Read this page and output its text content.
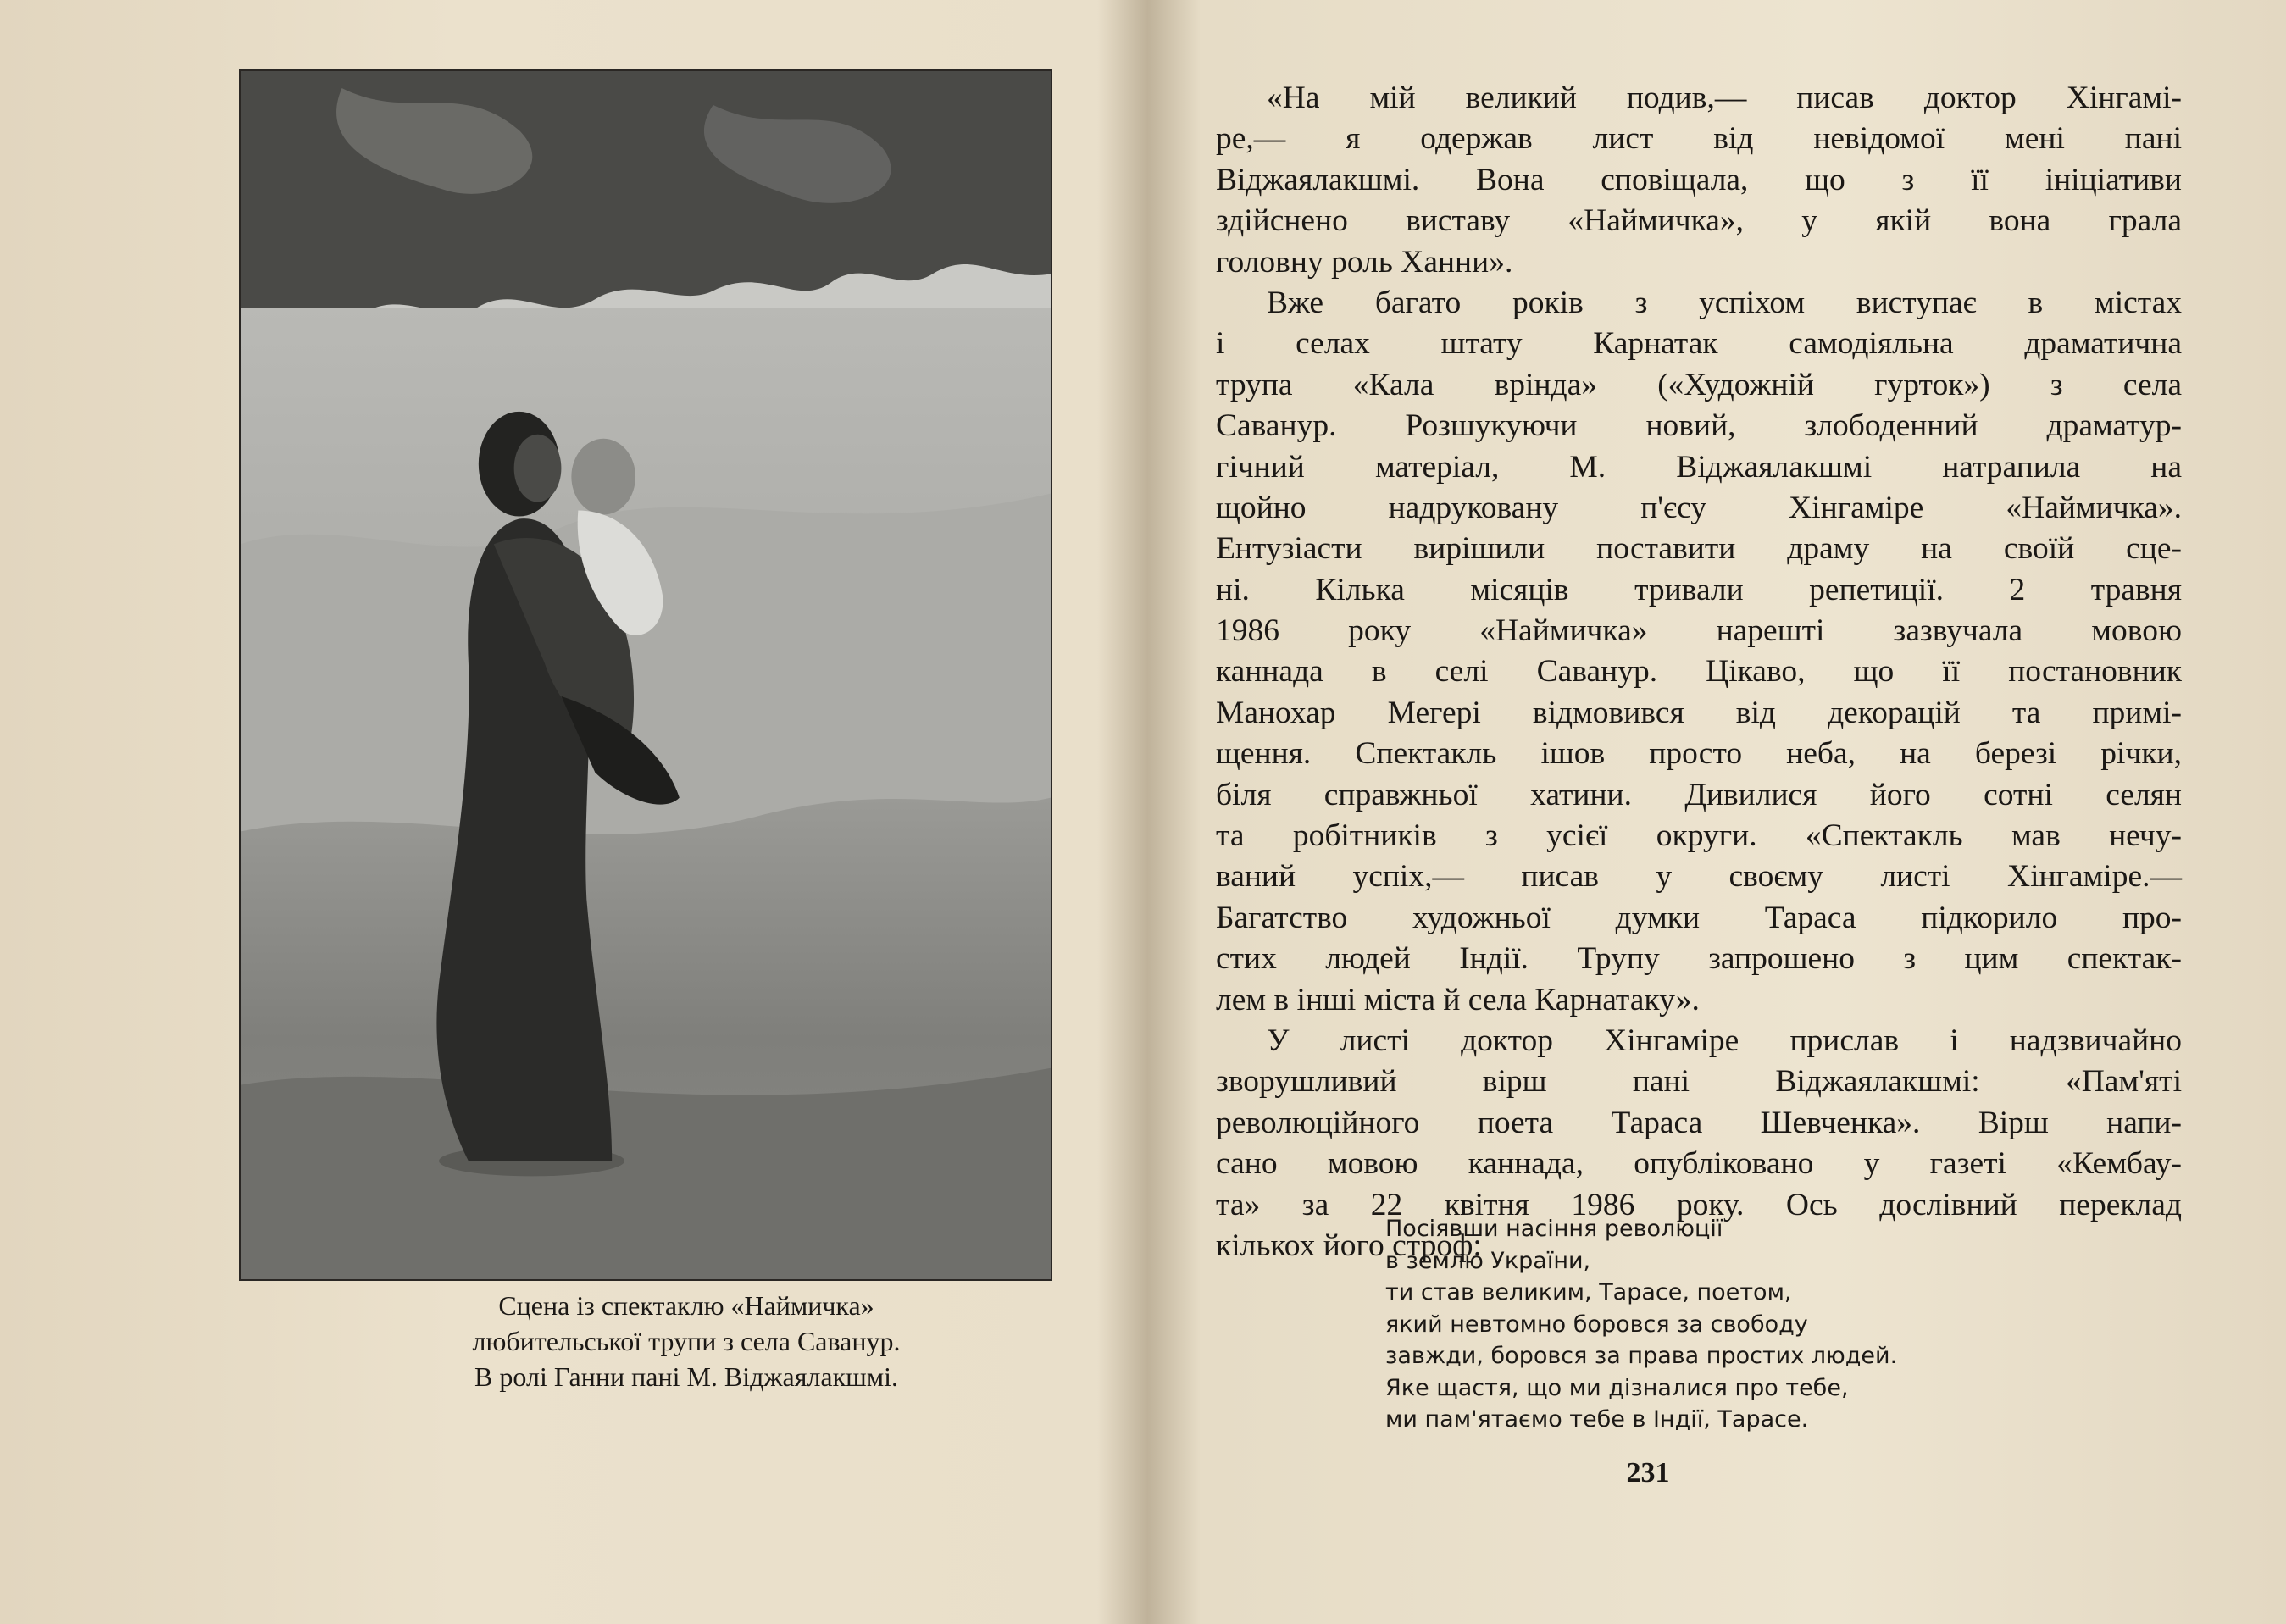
Сцена із спектаклю «Наймичка»
любительської трупи з села Саванур.
В ролі Ганни пані М. Віджаялакшмі.
«На мій великий подив,— писав доктор Хінгамі-
ре,— я одержав лист від невідомої мені пані
Віджаялакшмі. Вона сповіщала, що з її ініціативи
здійснено виставу «Наймичка», у якій вона грала
головну роль Ханни».
Вже багато років з успіхом виступає в містах
і селах штату Карнатак самодіяльна драматична
трупа «Кала врінда» («Художній гурток») з села
Саванур. Розшукуючи новий, злободенний драматур-
гічний матеріал, М. Віджаялакшмі натрапила на
щойно надруковану п'єсу Хінгаміре «Наймичка».
Ентузіасти вирішили поставити драму на своїй сце-
ні. Кілька місяців тривали репетиції. 2 травня
1986 року «Наймичка» нарешті зазвучала мовою
каннада в селі Саванур. Цікаво, що її постановник
Манохар Мегері відмовився від декорацій та примі-
щення. Спектакль ішов просто неба, на березі річки,
біля справжньої хатини. Дивилися його сотні селян
та робітників з усієї округи. «Спектакль мав нечу-
ваний успіх,— писав у своєму листі Хінгаміре.—
Багатство художньої думки Тараса підкорило про-
стих людей Індії. Трупу запрошено з цим спектак-
лем в інші міста й села Карнатаку».
У листі доктор Хінгаміре прислав і надзвичайно
зворушливий вірш пані Віджаялакшмі: «Пам'яті
революційного поета Тараса Шевченка». Вірш напи-
сано мовою каннада, опубліковано у газеті «Кембау-
та» за 22 квітня 1986 року. Ось дослівний переклад
кількох його строф:
Посіявши насіння революції
в землю України,
ти став великим, Тарасе, поетом,
який невтомно боровся за свободу
завжди, боровся за права простих людей.
Яке щастя, що ми дізналися про тебе,
ми пам'ятаємо тебе в Індії, Тарасе.
231
